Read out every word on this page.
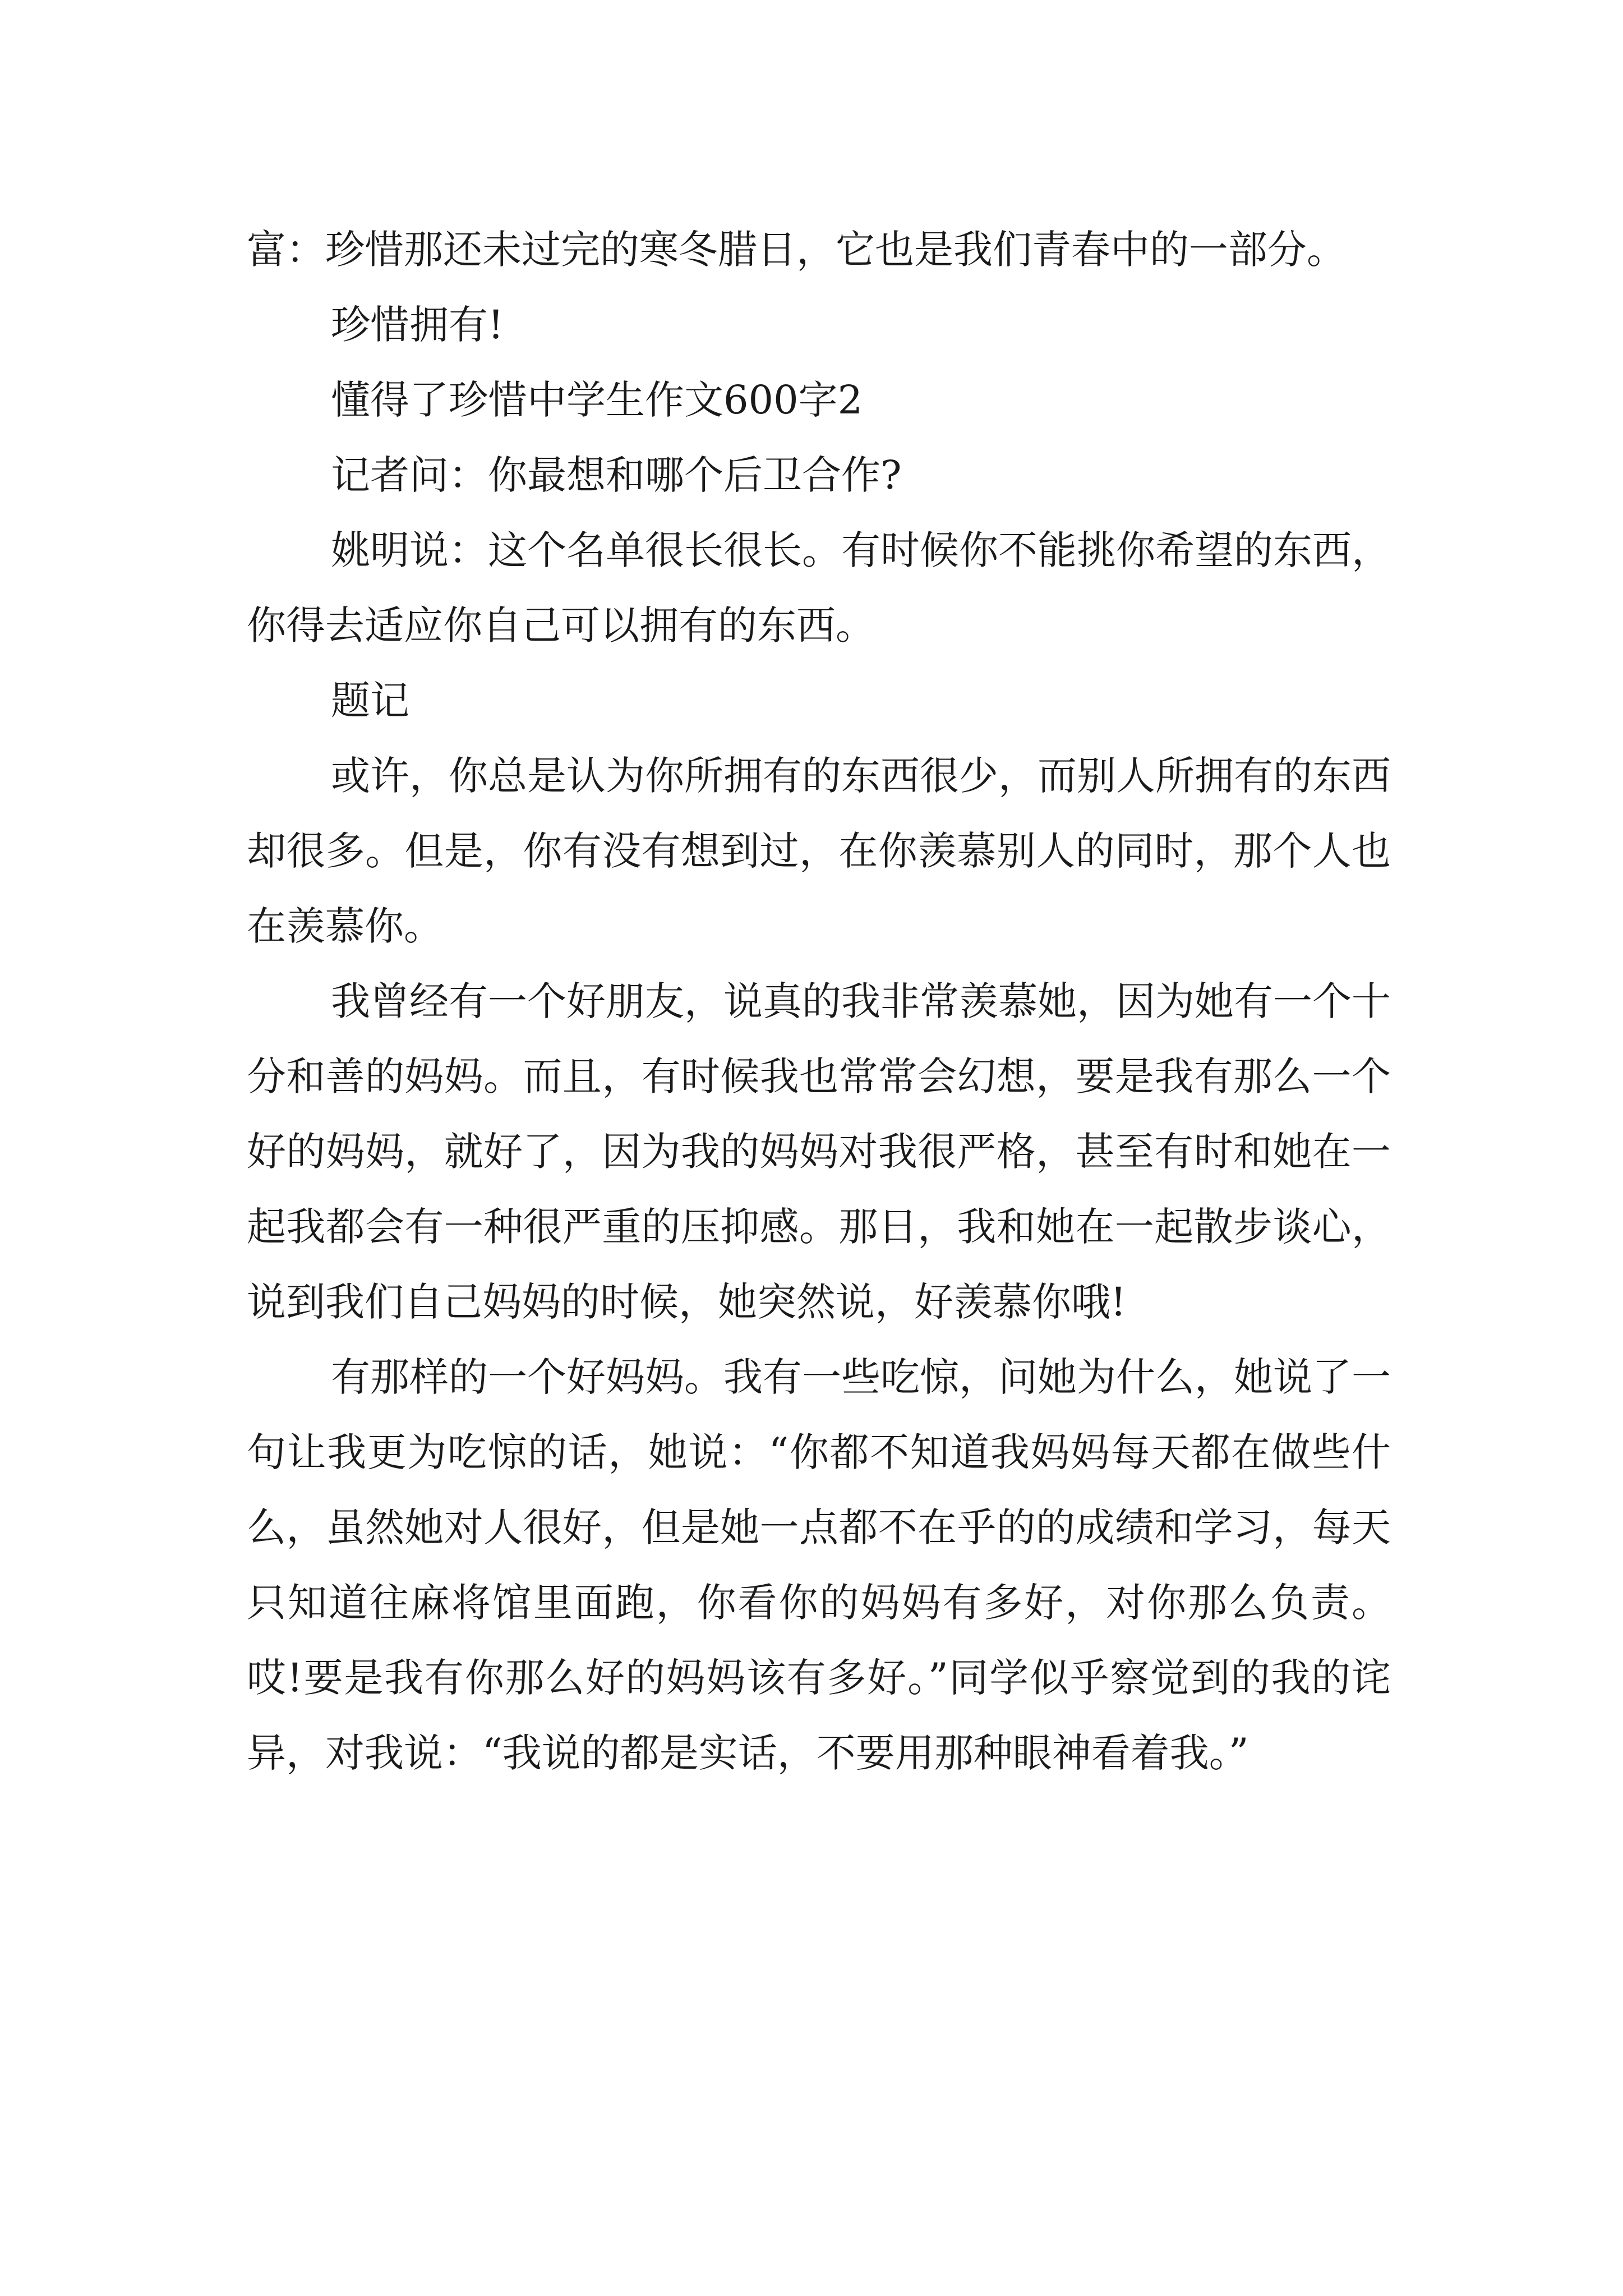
富：珍惜那还未过完的寒冬腊日，它也是我们青春中的一部分。

珍惜拥有!

懂得了珍惜中学生作文600字2

记者问：你最想和哪个后卫合作?

姚明说：这个名单很长很长。有时候你不能挑你希望的东西，你得去适应你自己可以拥有的东西。

题记

或许，你总是认为你所拥有的东西很少，而别人所拥有的东西却很多。但是，你有没有想到过，在你羡慕别人的同时，那个人也在羡慕你。

我曾经有一个好朋友，说真的我非常羡慕她，因为她有一个十分和善的妈妈。而且，有时候我也常常会幻想，要是我有那么一个好的妈妈，就好了，因为我的妈妈对我很严格，甚至有时和她在一起我都会有一种很严重的压抑感。那日，我和她在一起散步谈心，说到我们自己妈妈的时候，她突然说，好羡慕你哦!

有那样的一个好妈妈。我有一些吃惊，问她为什么，她说了一句让我更为吃惊的话，她说：“你都不知道我妈妈每天都在做些什么，虽然她对人很好，但是她一点都不在乎的的成绩和学习，每天只知道往麻将馆里面跑，你看你的妈妈有多好，对你那么负责。哎!要是我有你那么好的妈妈该有多好。”同学似乎察觉到的我的诧异，对我说：“我说的都是实话，不要用那种眼神看着我。”
